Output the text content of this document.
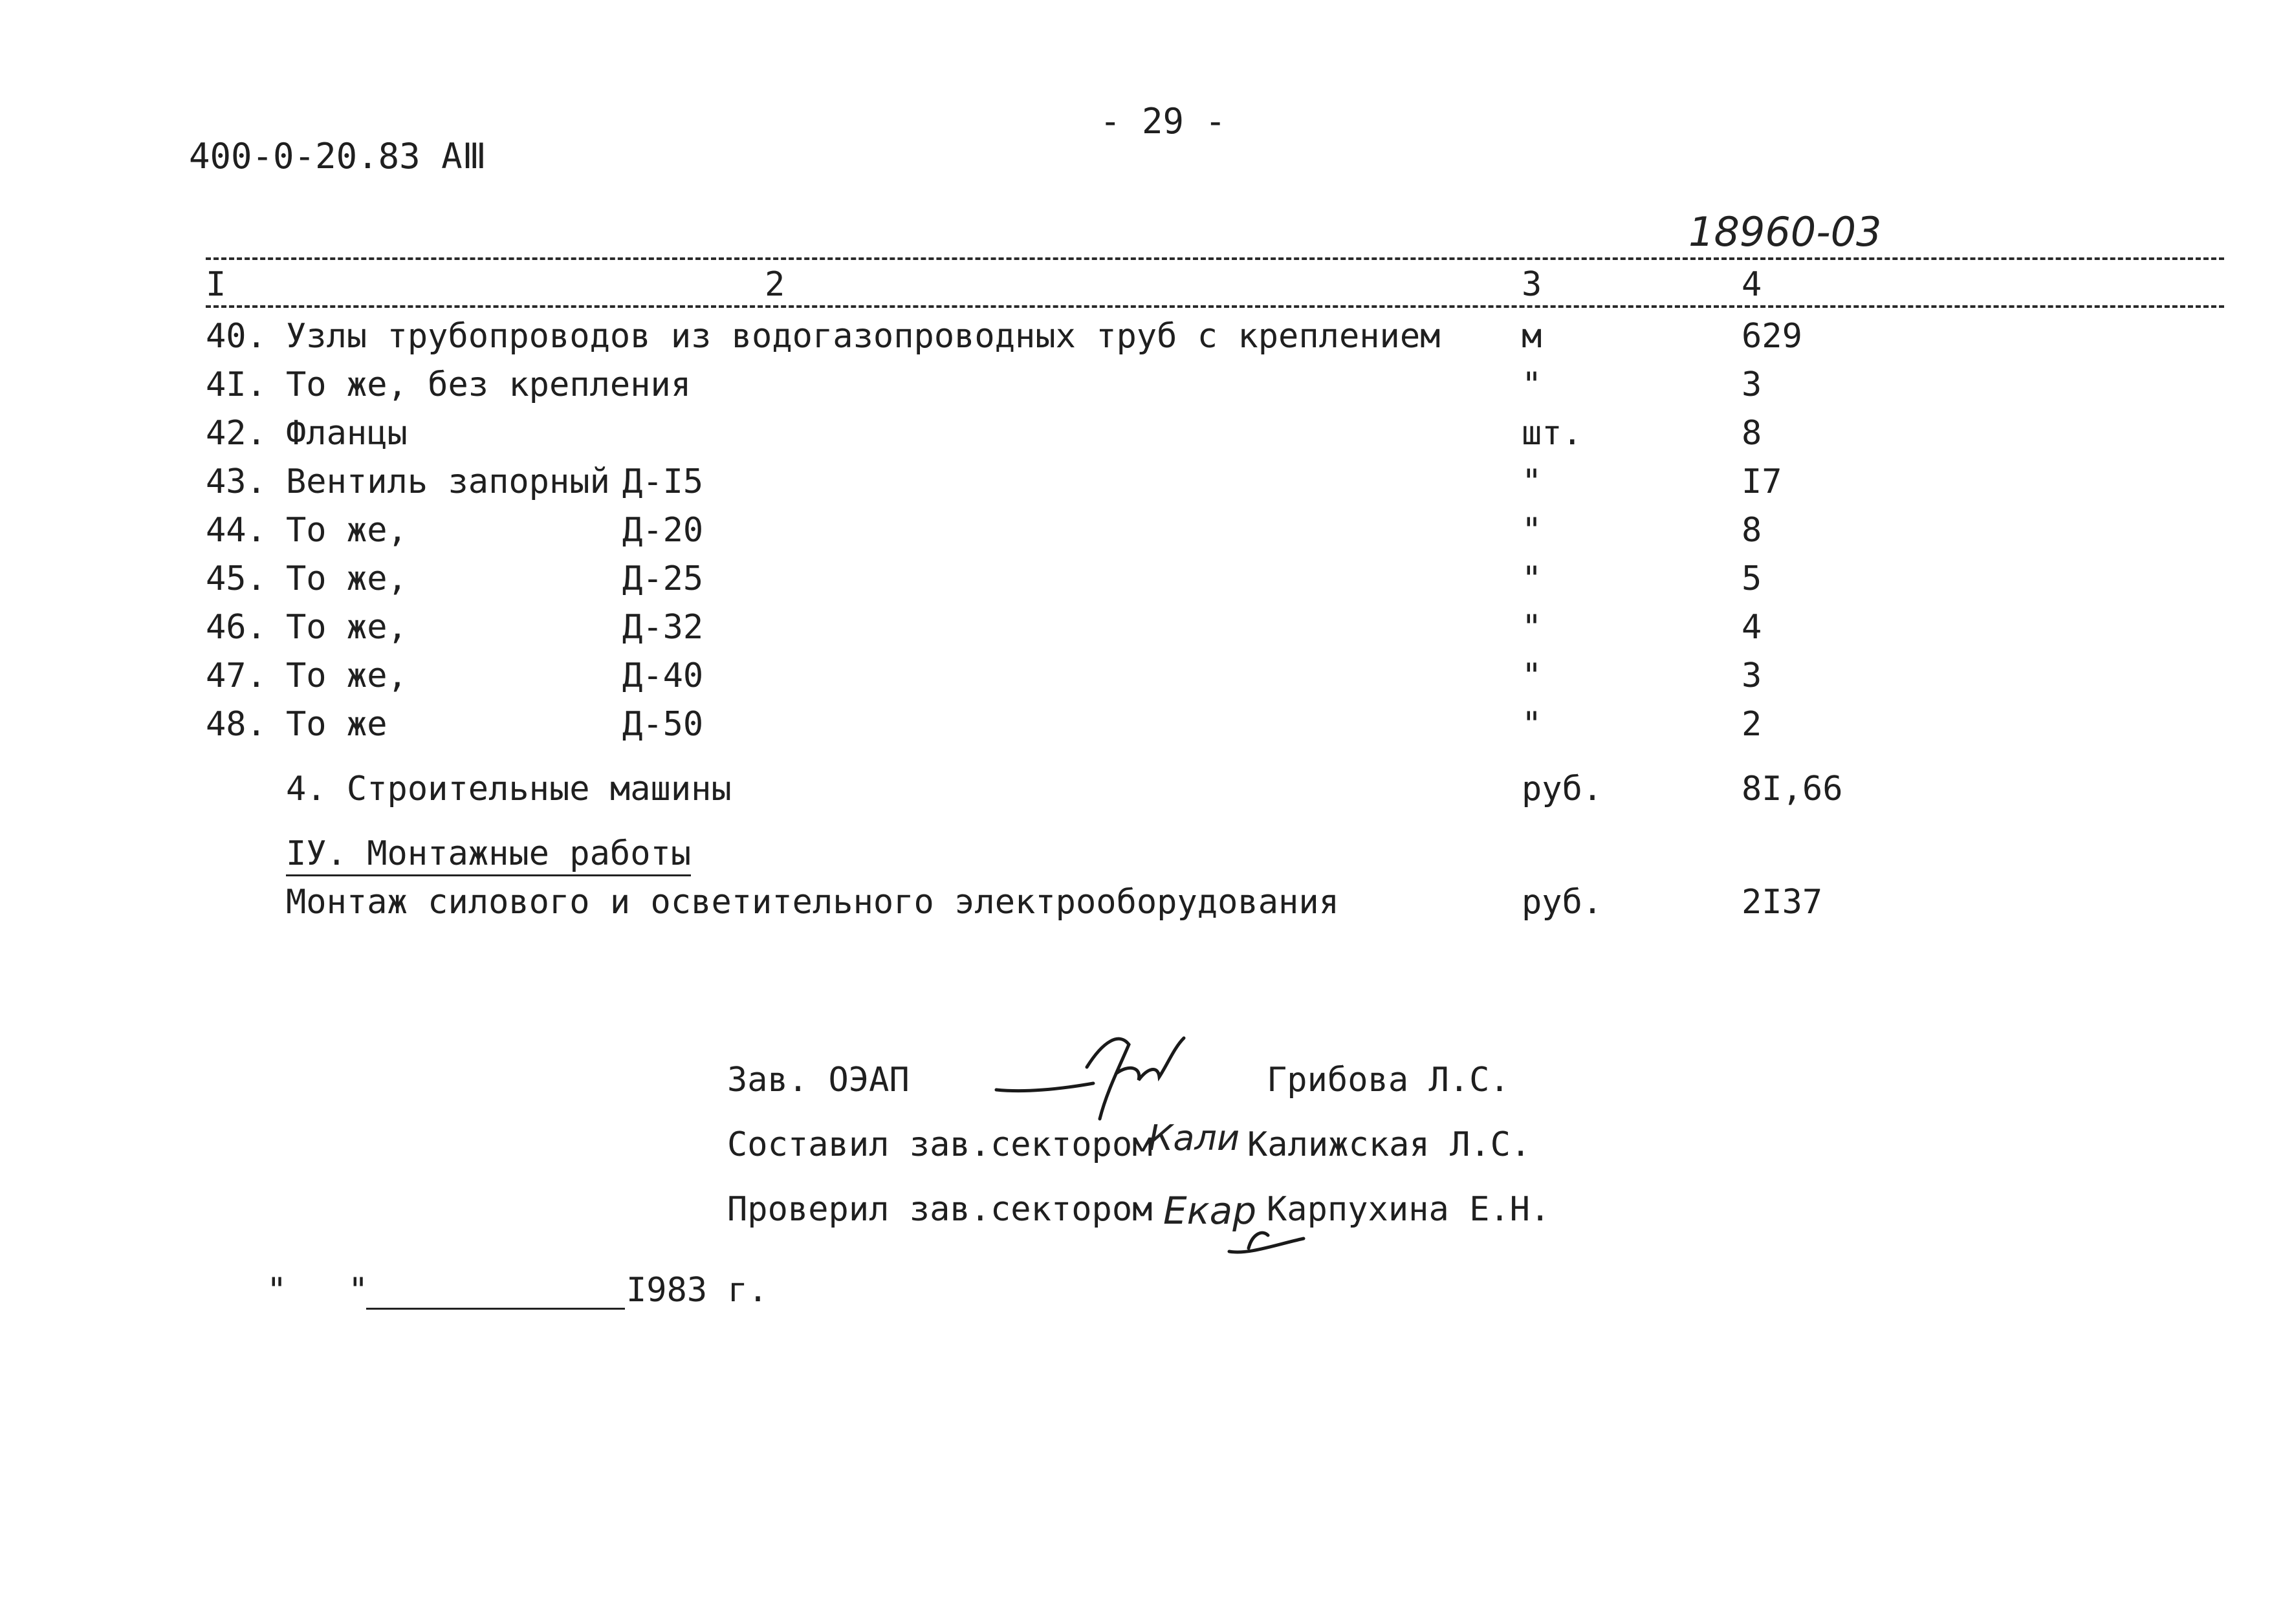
400-0-20.83 АⅢ
- 29 -
18960-03
I	2	3	4
40. Узлы трубопроводов из водогазопроводных труб с креплением м	629
4I. То же, без крепления	"	3
42. Фланцы	шт.	8
43. Вентиль запорный Д-I5	"	I7
44. То же,	Д-20	"	8
45. То же,	Д-25	"	5
46. То же,	Д-32	"	4
47. То же,	Д-40	"	3
48. То же	Д-50	"	2
4. Строительные машины	руб.	8I,66
ІУ. Монтажные работы
Монтаж силового и осветительного электрооборудования	руб.	2I37
Зав. ОЭАП	Грибова Л.С.
Составил зав.сектором
Кали Калижская Л.С.
Проверил зав.сектором Екар Карпухина Е.Н.
" "	I983 г.
